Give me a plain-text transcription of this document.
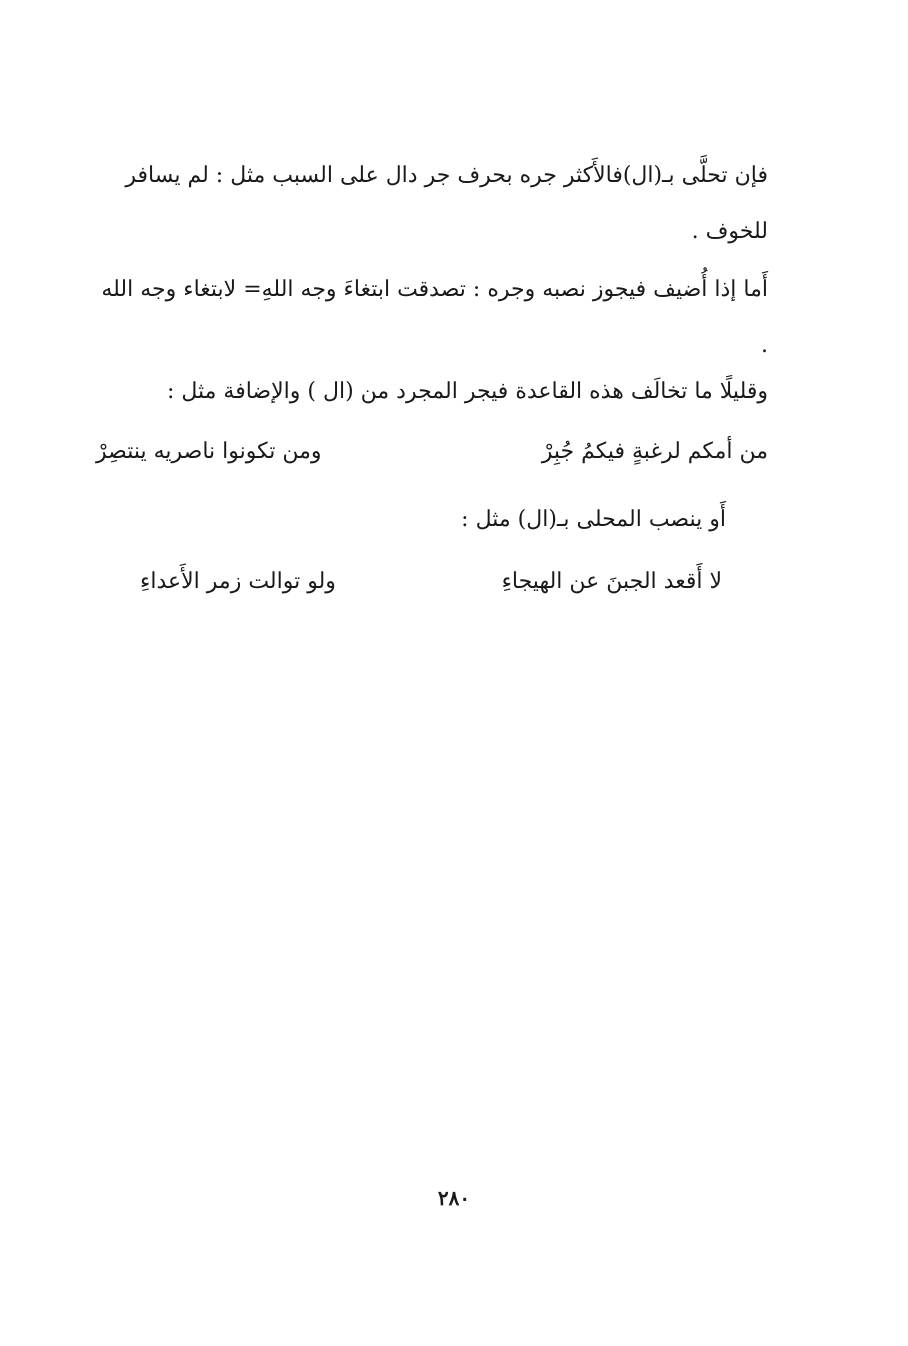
فإن تحلَّى بـ(ال)فالأَكثر جره بحرف جر دال على السبب مثل : لم يسافر للخوف .
أَما إذا أُضيف فيجوز نصبه وجره : تصدقت ابتغاءَ وجه اللهِ= لابتغاء وجه الله .
وقليلًا ما تخالَف هذه القاعدة فيجر المجرد من (ال ) والإضافة مثل :
من أمكم لرغبةٍ فيكمُ جُبِرْ
ومن تكونوا ناصريه ينتصِرْ
أَو ينصب المحلى بـ(ال) مثل :
لا أَقعد الجبنَ عن الهيجاءِ
ولو توالت زمر الأَعداءِ
٢٨٠
